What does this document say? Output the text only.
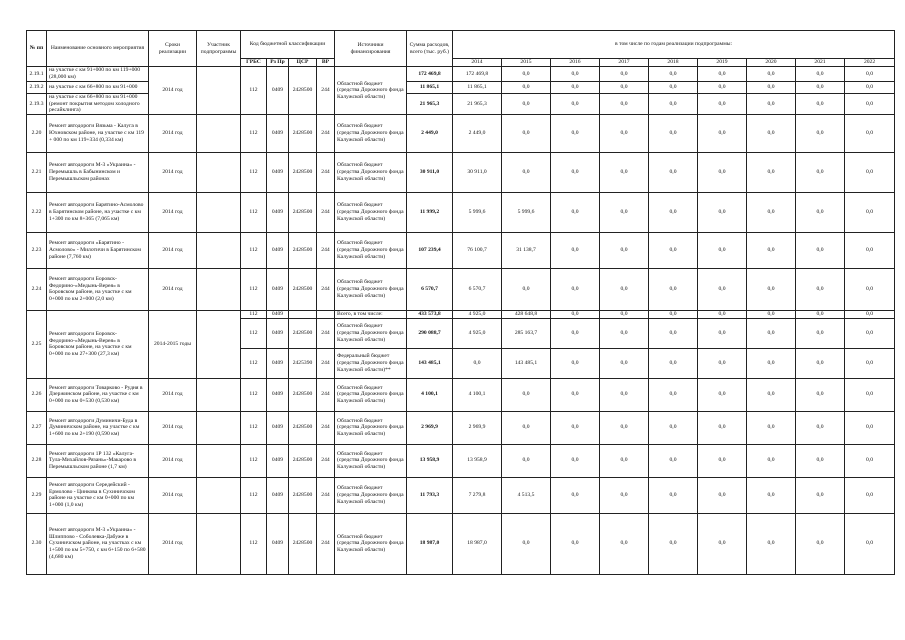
№ пп	Наименование основного мероприятия	Сроки реализации	Участник подпрограммы	Код бюджетной классификации				Источники финансирования	Сумма расходов, всего (тыс. руб.)	в том числе по годам реализации подпрограммы:								
				ГРБС	Рз Пр	ЦСР	ВР			2014	2015	2016	2017	2018	2019	2020	2021	2022
2.19.1	на участке с км 91+000 по км 119+000 (28,000 км)	2014 год		112	0409	2428500	244	Областной бюджет (средства Дорожного фонда Калужской области)	172 469,8	172 469,8	0,0	0,0	0,0	0,0	0,0	0,0	0,0	0,0
2.19.2	на участке с км 66+800 по км 91+000								11 865,1	11 865,1	0,0	0,0	0,0	0,0	0,0	0,0	0,0	0,0
2.19.3	на участке с км 66+800 по км 91+000 (ремонт покрытия методом холодного ресайклинга)								21 965,3	21 965,3	0,0	0,0	0,0	0,0	0,0	0,0	0,0	0,0
2.20	Ремонт автодороги Вязьма - Калуга в Юхновском районе, на участке с км 119 + 000 по км 119+334 (0,334 км)	2014 год		112	0409	2428500	244	Областной бюджет (средства Дорожного фонда Калужской области)	2 449,0	2 449,0	0,0	0,0	0,0	0,0	0,0	0,0	0,0	0,0
2.21	Ремонт автодороги М-3 «Украина» - Перемышль в Бабынинском и Перемышльском районах	2014 год		112	0409	2428500	244	Областной бюджет (средства Дорожного фонда Калужской области)	30 911,0	30 911,0	0,0	0,0	0,0	0,0	0,0	0,0	0,0	0,0
2.22	Ремонт автодороги Барятино-Асмолово в Барятинском районе, на участке с км 1+300 по км 8+365 (7,065 км)	2014 год		112	0409	2428500	244	Областной бюджет (средства Дорожного фонда Калужской области)	11 999,2	5 999,6	5 999,6	0,0	0,0	0,0	0,0	0,0	0,0	0,0
2.23	Ремонт автодороги «Барятино - Асмолово» - Милотичи в Барятинском районе (7,760 км)	2014 год		112	0409	2428500	244	Областной бюджет (средства Дорожного фонда Калужской области)	107 239,4	76 100,7	31 138,7	0,0	0,0	0,0	0,0	0,0	0,0	0,0
2.24	Ремонт автодороги Боровск-Федорино-«Медынь-Верея» в Боровском районе, на участке с км 0+000 по км 2+000 (2,0 км)	2014 год		112	0409	2428500	244	Областной бюджет (средства Дорожного фонда Калужской области)	6 570,7	6 570,7	0,0	0,0	0,0	0,0	0,0	0,0	0,0	0,0
2.25	Ремонт автодороги Боровск-Федорино-«Медынь-Верея» в Боровском районе, на участке с км 0+000 по км 27+300 (27,3 км)	2014-2015 годы		112	0409			Всего, в том числе:	433 573,8	4 925,0	428 648,8	0,0	0,0	0,0	0,0	0,0	0,0	0,0
				112	0409	2428500	244	Областной бюджет (средства Дорожного фонда Калужской области)	290 088,7	4 925,0	285 163,7	0,0	0,0	0,0	0,0	0,0	0,0	0,0
				112	0409	2425390	244	Федеральный бюджет (средства Дорожного фонда Калужской области)**	143 485,1	0,0	143 485,1	0,0	0,0	0,0	0,0	0,0	0,0	0,0
2.26	Ремонт автодороги Товарково - Рудня в Дзержинском районе, на участке с км 0+000 по км 0+530 (0,530 км)	2014 год		112	0409	2428500	244	Областной бюджет (средства Дорожного фонда Калужской области)	4 100,1	4 100,1	0,0	0,0	0,0	0,0	0,0	0,0	0,0	0,0
2.27	Ремонт автодороги Думиничи-Буда в Думиничском районе, на участке с км 1+600 по км 2+190 (0,590 км)	2014 год		112	0409	2428500	244	Областной бюджет (средства Дорожного фонда Калужской области)	2 969,9	2 969,9	0,0	0,0	0,0	0,0	0,0	0,0	0,0	0,0
2.28	Ремонт автодороги 1Р 132 «Калуга-Тула-Михайлов-Рязань»-Макарово в Перемышльском районе (1,7 км)	2014 год		112	0409	2428500	244	Областной бюджет (средства Дорожного фонда Калужской области)	13 958,9	13 958,9	0,0	0,0	0,0	0,0	0,0	0,0	0,0	0,0
2.29	Ремонт автодороги Середейский - Ермолово - Цинкова в Сухиничском районе на участке с км 0+000 по км 1+000 (1,0 км)	2014 год		112	0409	2428500	244	Областной бюджет (средства Дорожного фонда Калужской области)	11 793,3	7 279,8	4 513,5	0,0	0,0	0,0	0,0	0,0	0,0	0,0
2.30	Ремонт автодороги М-3 «Украина» - Шлиппово - Соболевка-Дабуже в Сухиничском районе, на участках с км 1+500 по км 5+750, с км 6+150 по 6+580 (4,680 км)	2014 год		112	0409	2428500	244	Областной бюджет (средства Дорожного фонда Калужской области)	18 987,0	18 987,0	0,0	0,0	0,0	0,0	0,0	0,0	0,0	0,0
